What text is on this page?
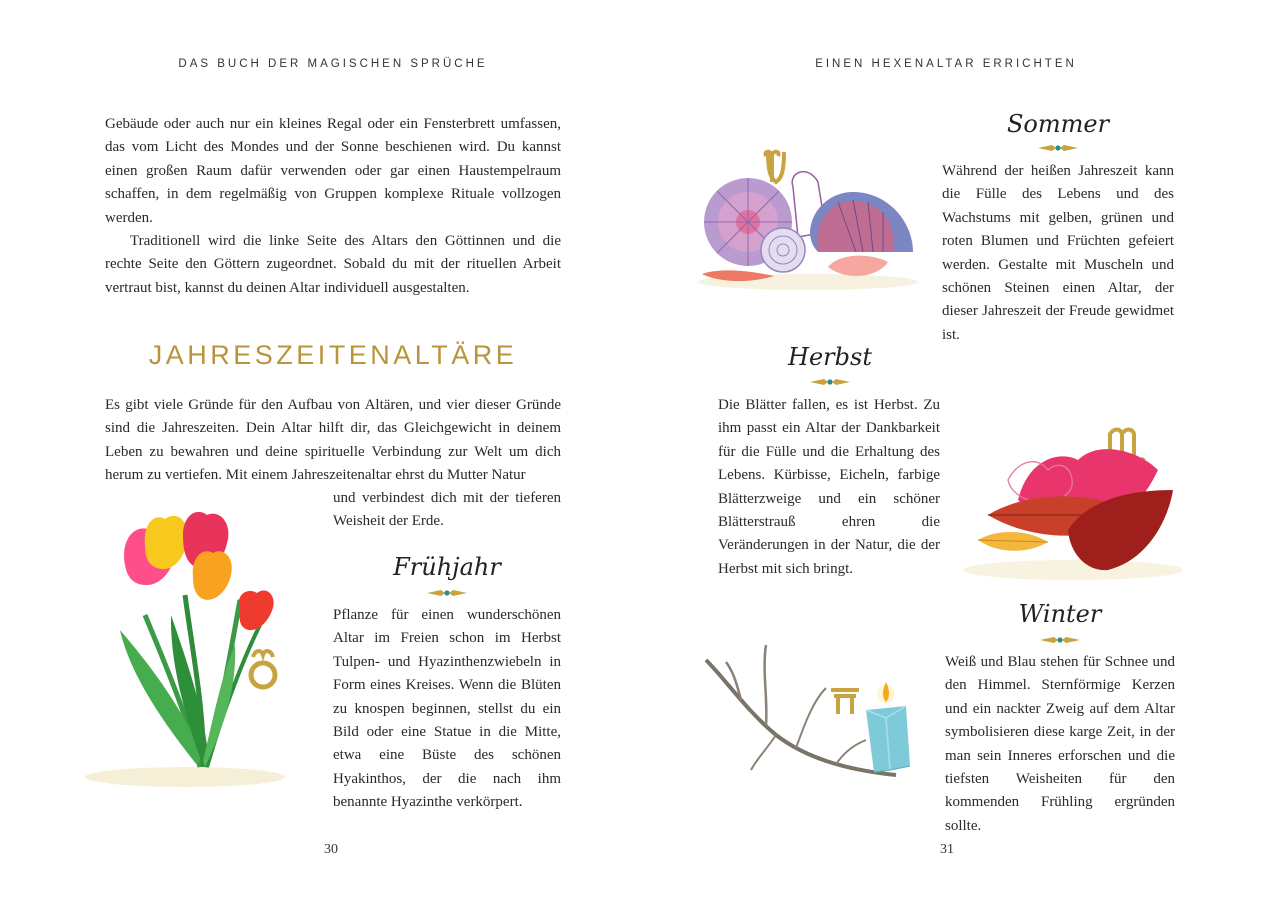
DAS BUCH DER MAGISCHEN SPRÜCHE

Gebäude oder auch nur ein kleines Regal oder ein Fensterbrett umfassen, das vom Licht des Mondes und der Sonne beschienen wird. Du kannst einen großen Raum dafür verwenden oder gar einen Haustempelraum schaffen, in dem regelmäßig von Gruppen komplexe Rituale vollzogen werden.

Traditionell wird die linke Seite des Altars den Göttinnen und die rechte Seite den Göttern zugeordnet. Sobald du mit der rituellen Arbeit vertraut bist, kannst du deinen Altar individuell ausgestalten.

JAHRESZEITENALTÄRE
Es gibt viele Gründe für den Aufbau von Altären, und vier dieser Gründe sind die Jahreszeiten. Dein Altar hilft dir, das Gleichgewicht in deinem Leben zu bewahren und deine spirituelle Verbindung zur Welt um dich herum zu vertiefen. Mit einem Jahreszeitenaltar ehrst du Mutter Natur
und verbindest dich mit der tieferen Weisheit der Erde.
Frühjahr
Pflanze für einen wunderschönen Altar im Freien schon im Herbst Tulpen- und Hyazinthenzwiebeln in Form eines Kreises. Wenn die Blüten zu knospen beginnen, stellst du ein Bild oder eine Statue in die Mitte, etwa eine Büste des schönen Hyakinthos, der die nach ihm benannte Hyazinthe verkörpert.
30
EINEN HEXENALTAR ERRICHTEN
Sommer
Während der heißen Jahreszeit kann die Fülle des Lebens und des Wachstums mit gelben, grünen und roten Blumen und Früchten gefeiert werden. Gestalte mit Muscheln und schönen Steinen einen Altar, der dieser Jahreszeit der Freude gewidmet ist.
Herbst
Die Blätter fallen, es ist Herbst. Zu ihm passt ein Altar der Dankbarkeit für die Fülle und die Erhaltung des Lebens. Kürbisse, Eicheln, farbige Blätterzweige und ein schöner Blätterstrauß ehren die Veränderungen in der Natur, die der Herbst mit sich bringt.
Winter
Weiß und Blau stehen für Schnee und den Himmel. Sternförmige Kerzen und ein nackter Zweig auf dem Altar symbolisieren diese karge Zeit, in der man sein Inneres erforschen und die tiefsten Weisheiten für den kommenden Frühling ergründen sollte.
31
